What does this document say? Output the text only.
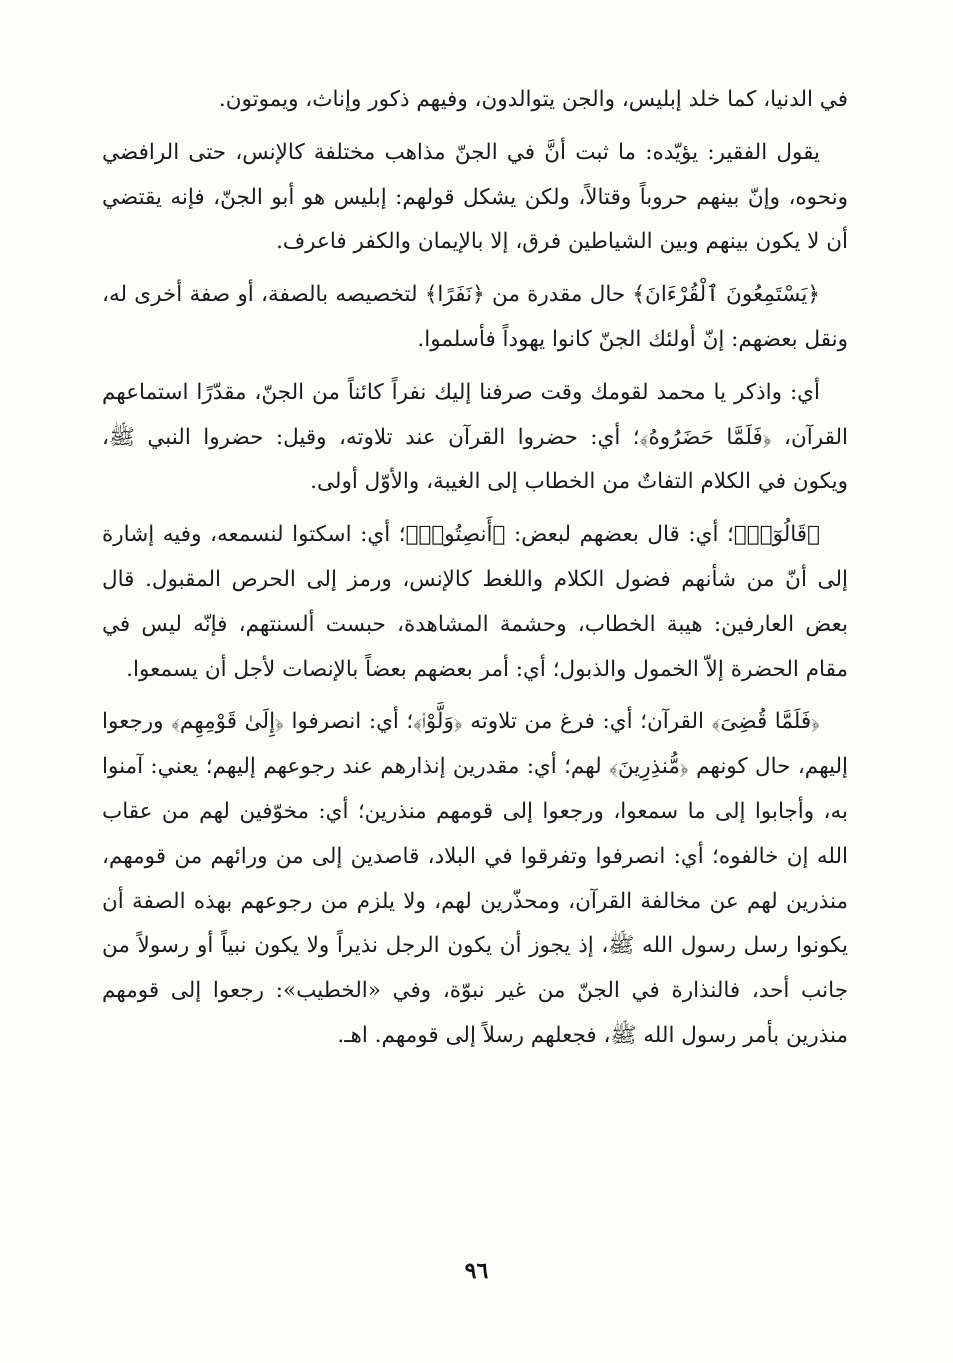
في الدنيا، كما خلد إبليس، والجن يتوالدون، وفيهم ذكور وإناث، ويموتون.

يقول الفقير: يؤيّده: ما ثبت أنَّ في الجنّ مذاهب مختلفة كالإنس، حتى الرافضي ونحوه، وإنّ بينهم حروباً وقتالاً، ولكن يشكل قولهم: إبليس هو أبو الجنّ، فإنه يقتضي أن لا يكون بينهم وبين الشياطين فرق، إلا بالإيمان والكفر فاعرف.

﴿يَسْتَمِعُونَ ٱلْقُرْءَانَ﴾ حال مقدرة من ﴿نَفَرًا﴾ لتخصيصه بالصفة، أو صفة أخرى له، ونقل بعضهم: إنّ أولئك الجنّ كانوا يهوداً فأسلموا.

أي: واذكر يا محمد لقومك وقت صرفنا إليك نفراً كائناً من الجنّ، مقدّرًا استماعهم القرآن، ﴿فَلَمَّا حَضَرُوهُ﴾؛ أي: حضروا القرآن عند تلاوته، وقيل: حضروا النبي ﷺ، ويكون في الكلام التفاتٌ من الخطاب إلى الغيبة، والأوّل أولى.

﴿قَالُوٓا۟﴾؛ أي: قال بعضهم لبعض: ﴿أَنصِتُوا۟﴾؛ أي: اسكتوا لنسمعه، وفيه إشارة إلى أنّ من شأنهم فضول الكلام واللغط كالإنس، ورمز إلى الحرص المقبول. قال بعض العارفين: هيبة الخطاب، وحشمة المشاهدة، حبست ألسنتهم، فإنّه ليس في مقام الحضرة إلاّ الخمول والذبول؛ أي: أمر بعضهم بعضاً بالإنصات لأجل أن يسمعوا.

﴿فَلَمَّا قُضِىَ﴾ القرآن؛ أي: فرغ من تلاوته ﴿وَلَّوْا۟﴾؛ أي: انصرفوا ﴿إِلَىٰ قَوْمِهِم﴾ ورجعوا إليهم، حال كونهم ﴿مُّنذِرِينَ﴾ لهم؛ أي: مقدرين إنذارهم عند رجوعهم إليهم؛ يعني: آمنوا به، وأجابوا إلى ما سمعوا، ورجعوا إلى قومهم منذرين؛ أي: مخوّفين لهم من عقاب الله إن خالفوه؛ أي: انصرفوا وتفرقوا في البلاد، قاصدين إلى من ورائهم من قومهم، منذرين لهم عن مخالفة القرآن، ومحذّرين لهم، ولا يلزم من رجوعهم بهذه الصفة أن يكونوا رسل رسول الله ﷺ، إذ يجوز أن يكون الرجل نذيراً ولا يكون نبياً أو رسولاً من جانب أحد، فالنذارة في الجنّ من غير نبوّة، وفي «الخطيب»: رجعوا إلى قومهم منذرين بأمر رسول الله ﷺ، فجعلهم رسلاً إلى قومهم. اهـ.

٩٦
